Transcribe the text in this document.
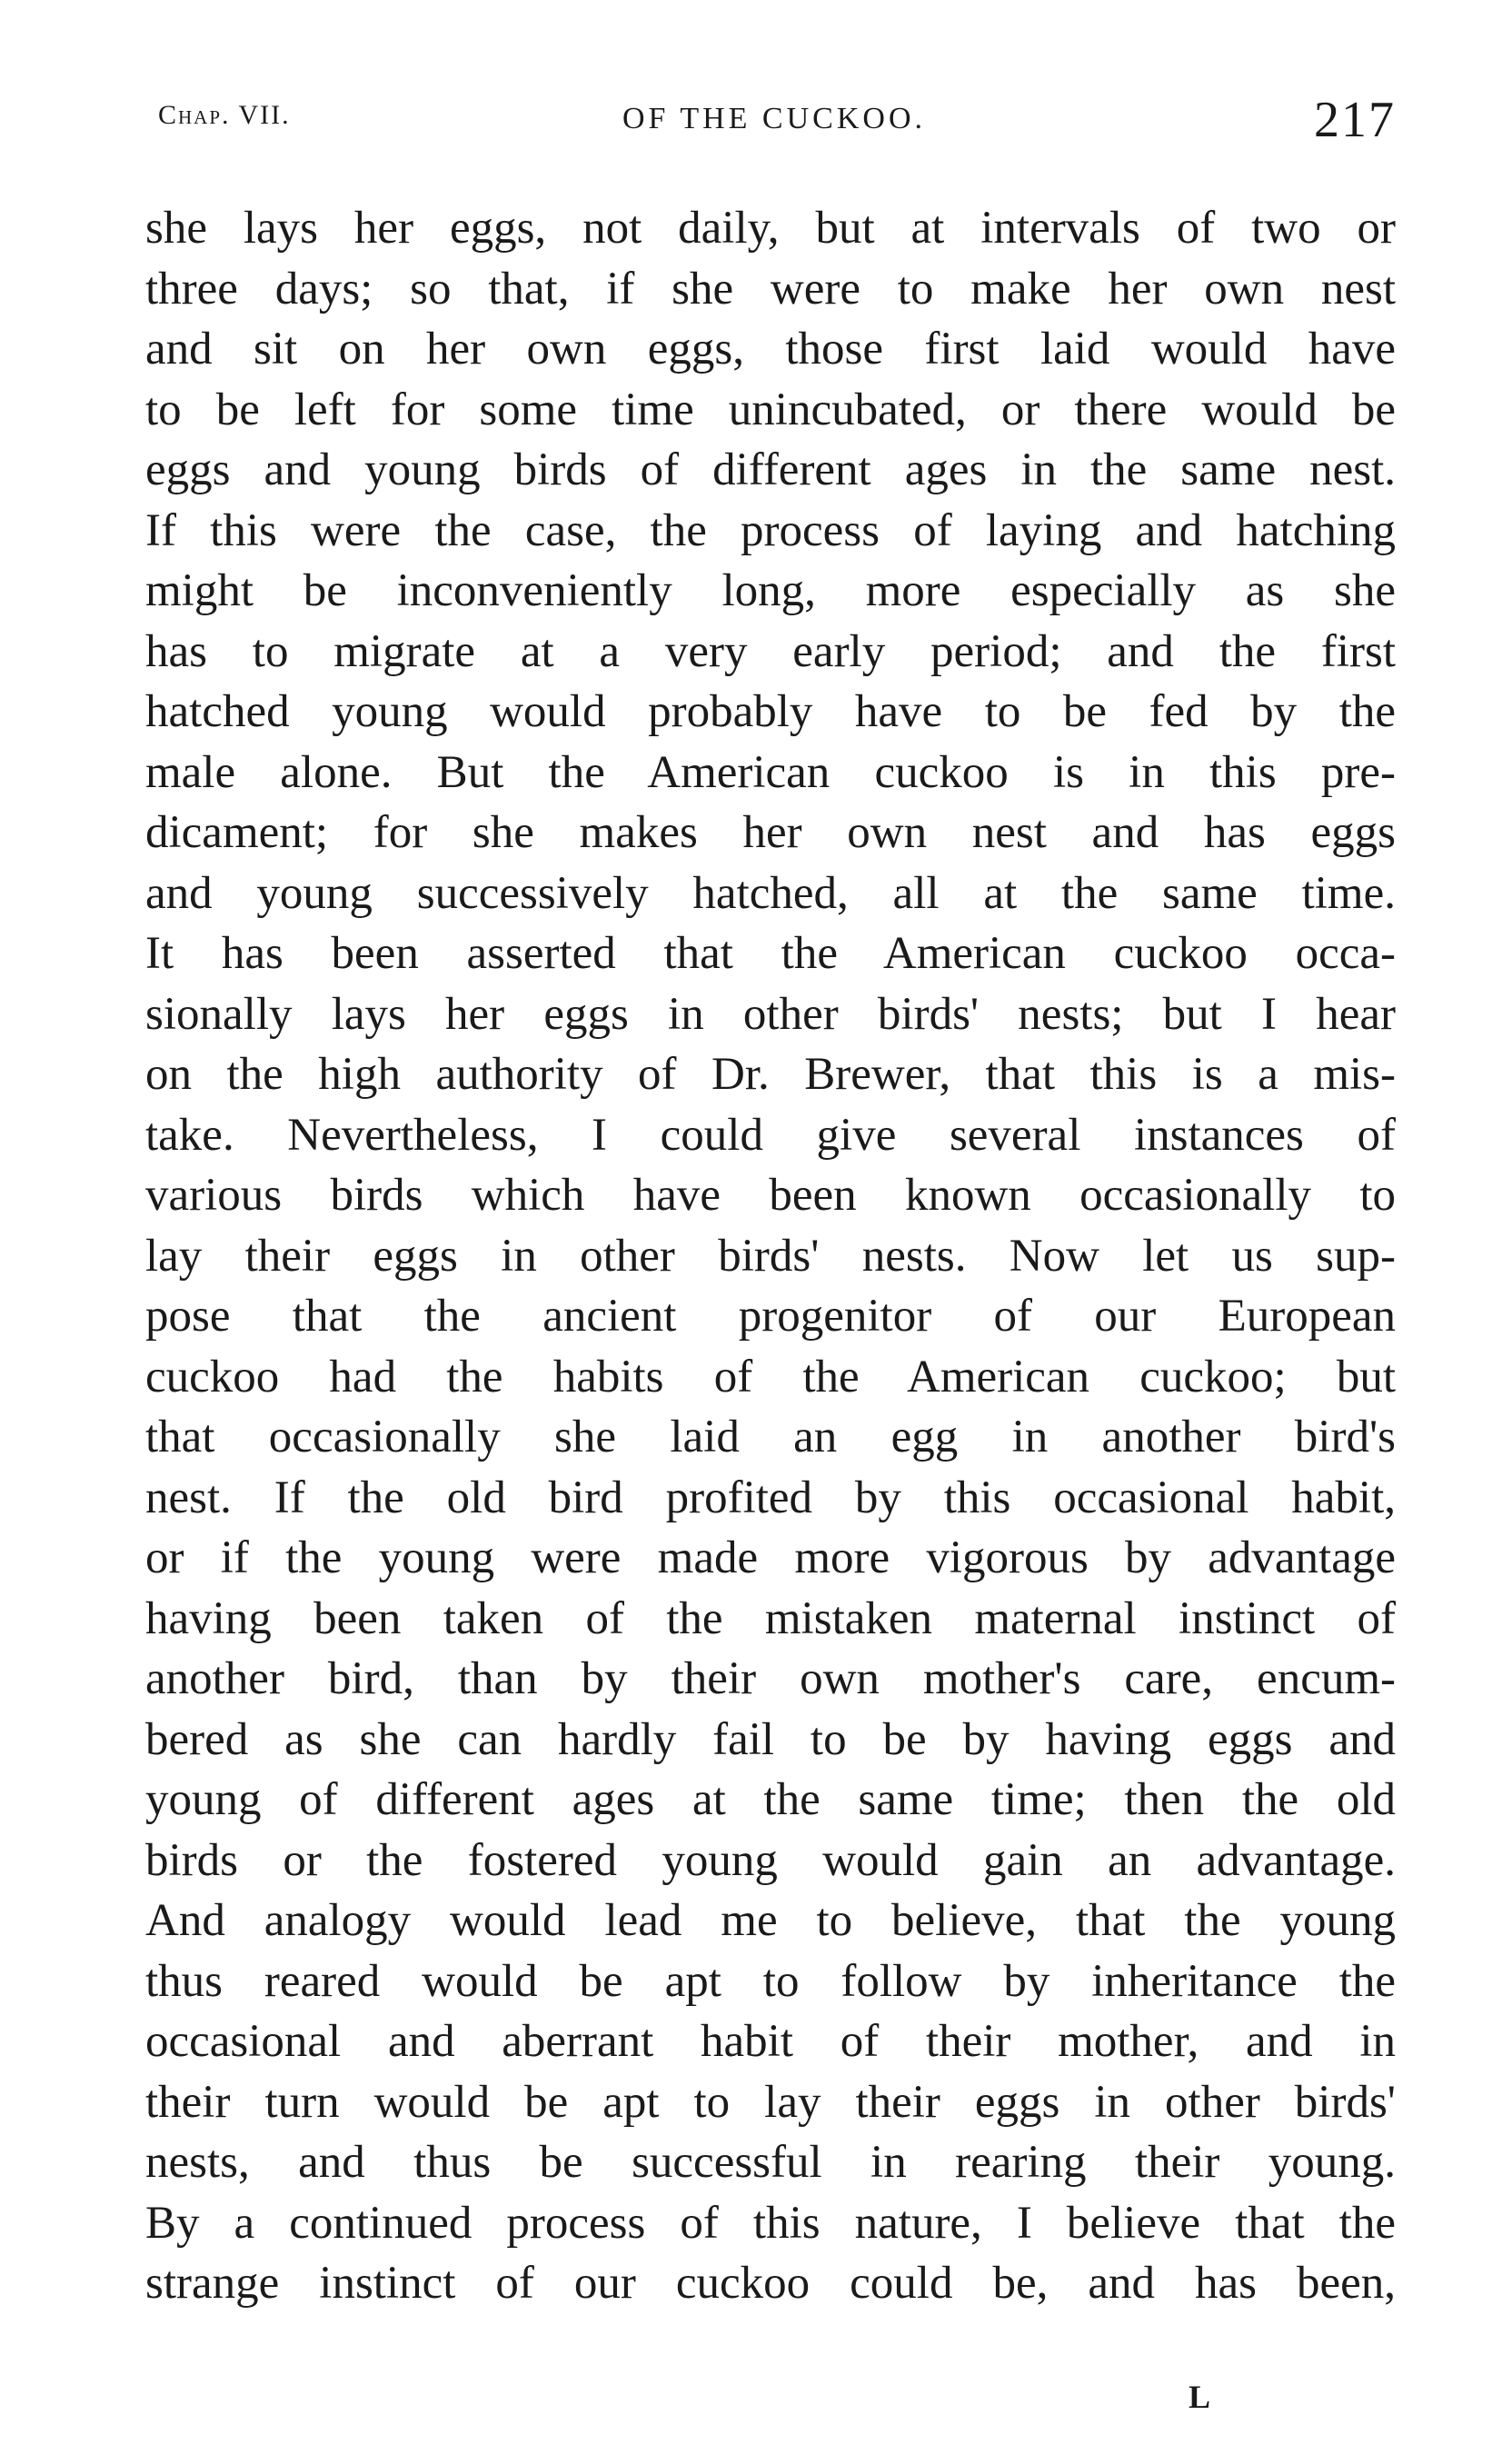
Chap. VII.	OF THE CUCKOO.	217
she lays her eggs, not daily, but at intervals of two or
three days; so that, if she were to make her own nest
and sit on her own eggs, those first laid would have
to be left for some time unincubated, or there would be
eggs and young birds of different ages in the same nest.
If this were the case, the process of laying and hatching
might be inconveniently long, more especially as she
has to migrate at a very early period; and the first
hatched young would probably have to be fed by the
male alone. But the American cuckoo is in this pre-
dicament; for she makes her own nest and has eggs
and young successively hatched, all at the same time.
It has been asserted that the American cuckoo occa-
sionally lays her eggs in other birds' nests; but I hear
on the high authority of Dr. Brewer, that this is a mis-
take. Nevertheless, I could give several instances of
various birds which have been known occasionally to
lay their eggs in other birds' nests. Now let us sup-
pose that the ancient progenitor of our European
cuckoo had the habits of the American cuckoo; but
that occasionally she laid an egg in another bird's
nest. If the old bird profited by this occasional habit,
or if the young were made more vigorous by advantage
having been taken of the mistaken maternal instinct of
another bird, than by their own mother's care, encum-
bered as she can hardly fail to be by having eggs and
young of different ages at the same time; then the old
birds or the fostered young would gain an advantage.
And analogy would lead me to believe, that the young
thus reared would be apt to follow by inheritance the
occasional and aberrant habit of their mother, and in
their turn would be apt to lay their eggs in other birds'
nests, and thus be successful in rearing their young.
By a continued process of this nature, I believe that the
strange instinct of our cuckoo could be, and has been,
L
